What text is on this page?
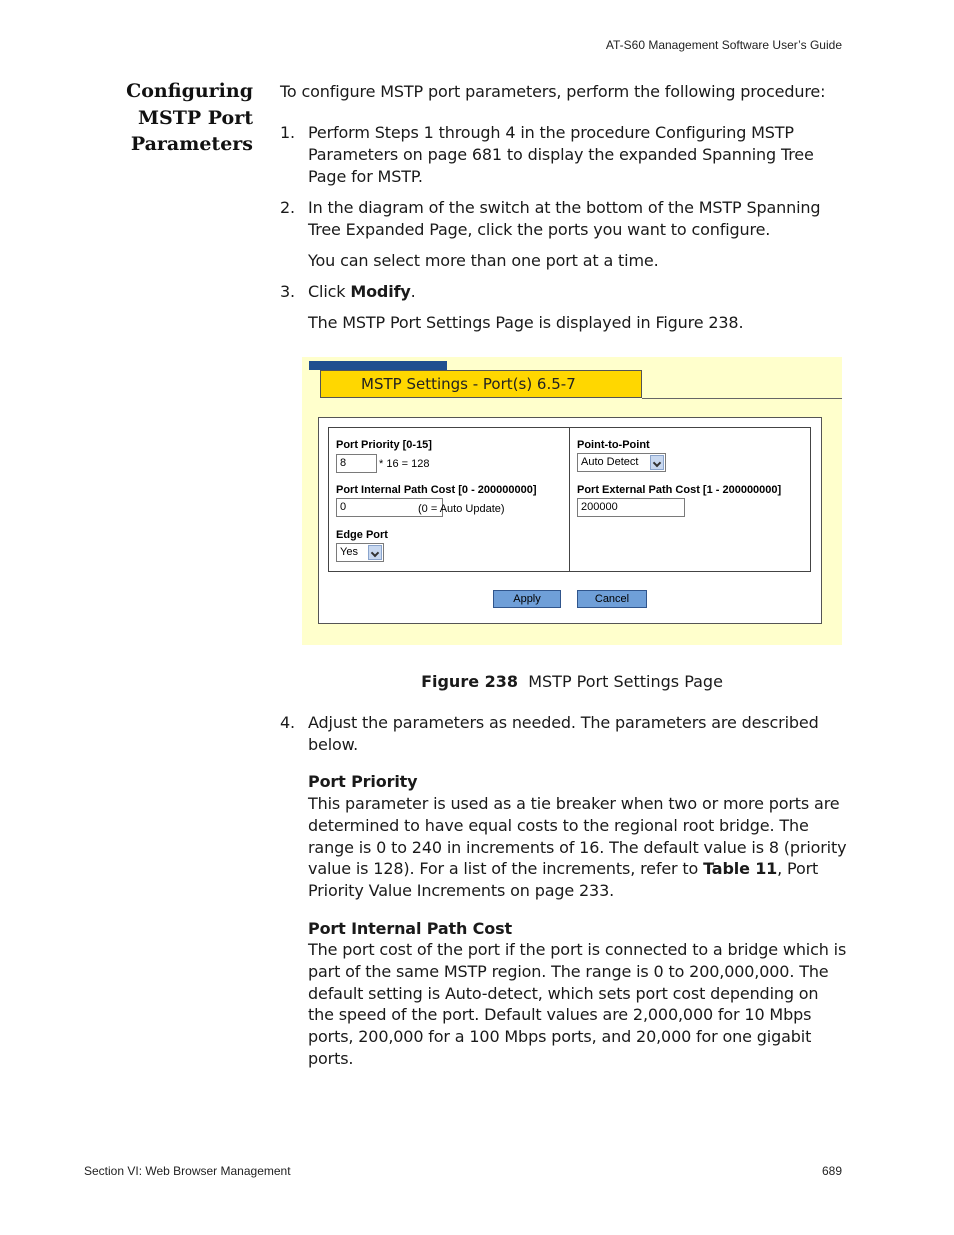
AT-S60 Management Software User’s Guide
Configuring
MSTP Port
Parameters
To configure MSTP port parameters, perform the following procedure:
1. Perform Steps 1 through 4 in the procedure Configuring MSTP Parameters on page 681 to display the expanded Spanning Tree Page for MSTP.
2. In the diagram of the switch at the bottom of the MSTP Spanning Tree Expanded Page, click the ports you want to configure.
You can select more than one port at a time.
3. Click Modify.
The MSTP Port Settings Page is displayed in Figure 238.
MSTP Settings - Port(s) 6.5-7
Port Priority [0-15]
8	* 16 = 128
Port Internal Path Cost [0 - 200000000]
0	(0 = Auto Update)
Edge Port
Yes
Point-to-Point
Auto Detect
Port External Path Cost [1 - 200000000]
200000
Apply	Cancel
Figure 238 MSTP Port Settings Page
4. Adjust the parameters as needed. The parameters are described below.
Port Priority
This parameter is used as a tie breaker when two or more ports are determined to have equal costs to the regional root bridge. The range is 0 to 240 in increments of 16. The default value is 8 (priority value is 128). For a list of the increments, refer to Table 11, Port Priority Value Increments on page 233.
Port Internal Path Cost
The port cost of the port if the port is connected to a bridge which is part of the same MSTP region. The range is 0 to 200,000,000. The default setting is Auto-detect, which sets port cost depending on the speed of the port. Default values are 2,000,000 for 10 Mbps ports, 200,000 for a 100 Mbps ports, and 20,000 for one gigabit ports.
Section VI: Web Browser Management	689
